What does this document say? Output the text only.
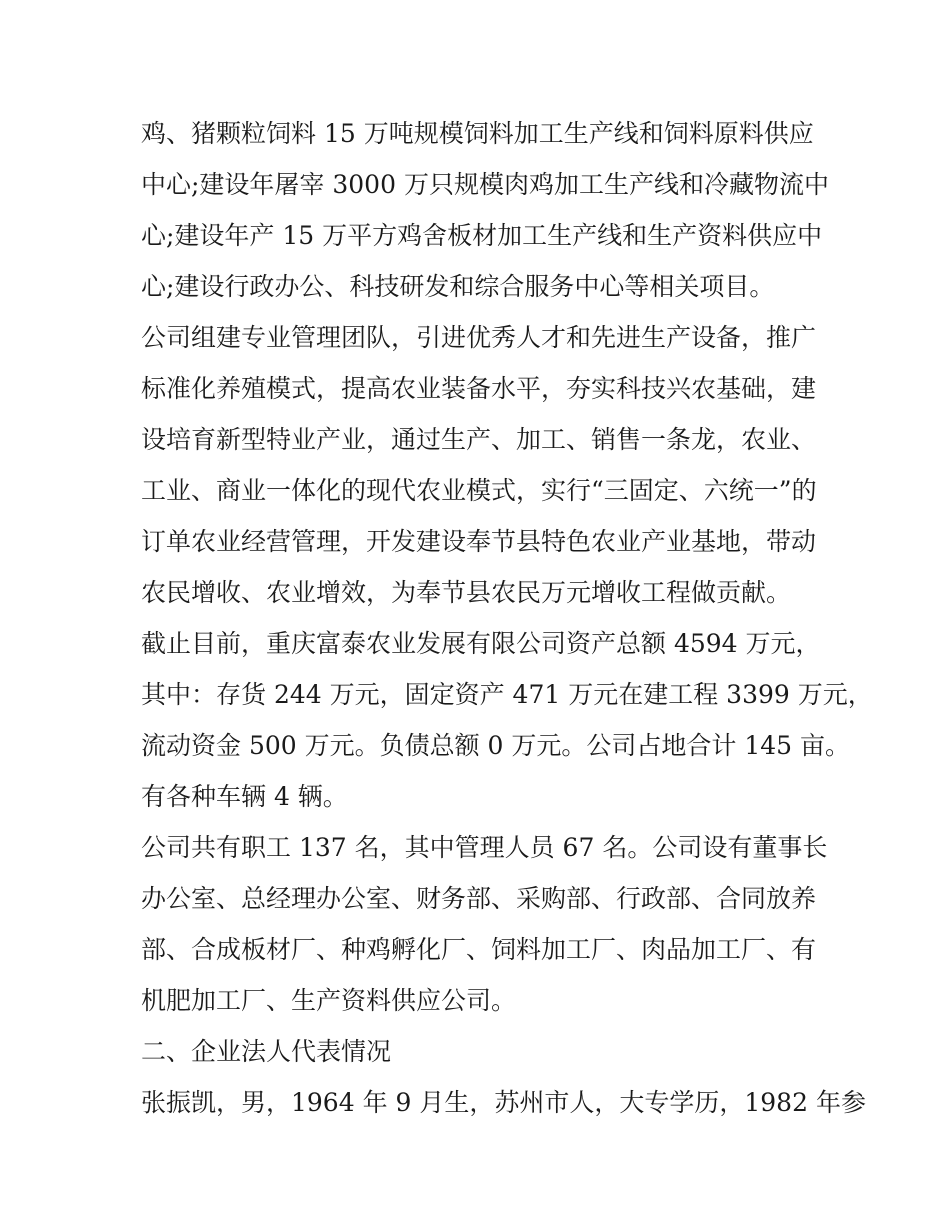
鸡、猪颗粒饲料 15 万吨规模饲料加工生产线和饲料原料供应
中心;建设年屠宰 3000 万只规模肉鸡加工生产线和冷藏物流中
心;建设年产 15 万平方鸡舍板材加工生产线和生产资料供应中
心;建设行政办公、科技研发和综合服务中心等相关项目。
公司组建专业管理团队，引进优秀人才和先进生产设备，推广
标准化养殖模式，提高农业装备水平，夯实科技兴农基础，建
设培育新型特业产业，通过生产、加工、销售一条龙，农业、
工业、商业一体化的现代农业模式，实行“三固定、六统一”的
订单农业经营管理，开发建设奉节县特色农业产业基地，带动
农民增收、农业增效，为奉节县农民万元增收工程做贡献。
截止目前，重庆富泰农业发展有限公司资产总额 4594 万元，
其中：存货 244 万元，固定资产 471 万元在建工程 3399 万元，
流动资金 500 万元。负债总额 0 万元。公司占地合计 145 亩。
有各种车辆 4 辆。
公司共有职工 137 名，其中管理人员 67 名。公司设有董事长
办公室、总经理办公室、财务部、采购部、行政部、合同放养
部、合成板材厂、种鸡孵化厂、饲料加工厂、肉品加工厂、有
机肥加工厂、生产资料供应公司。
二、企业法人代表情况
张振凯，男，1964 年 9 月生，苏州市人，大专学历，1982 年参
